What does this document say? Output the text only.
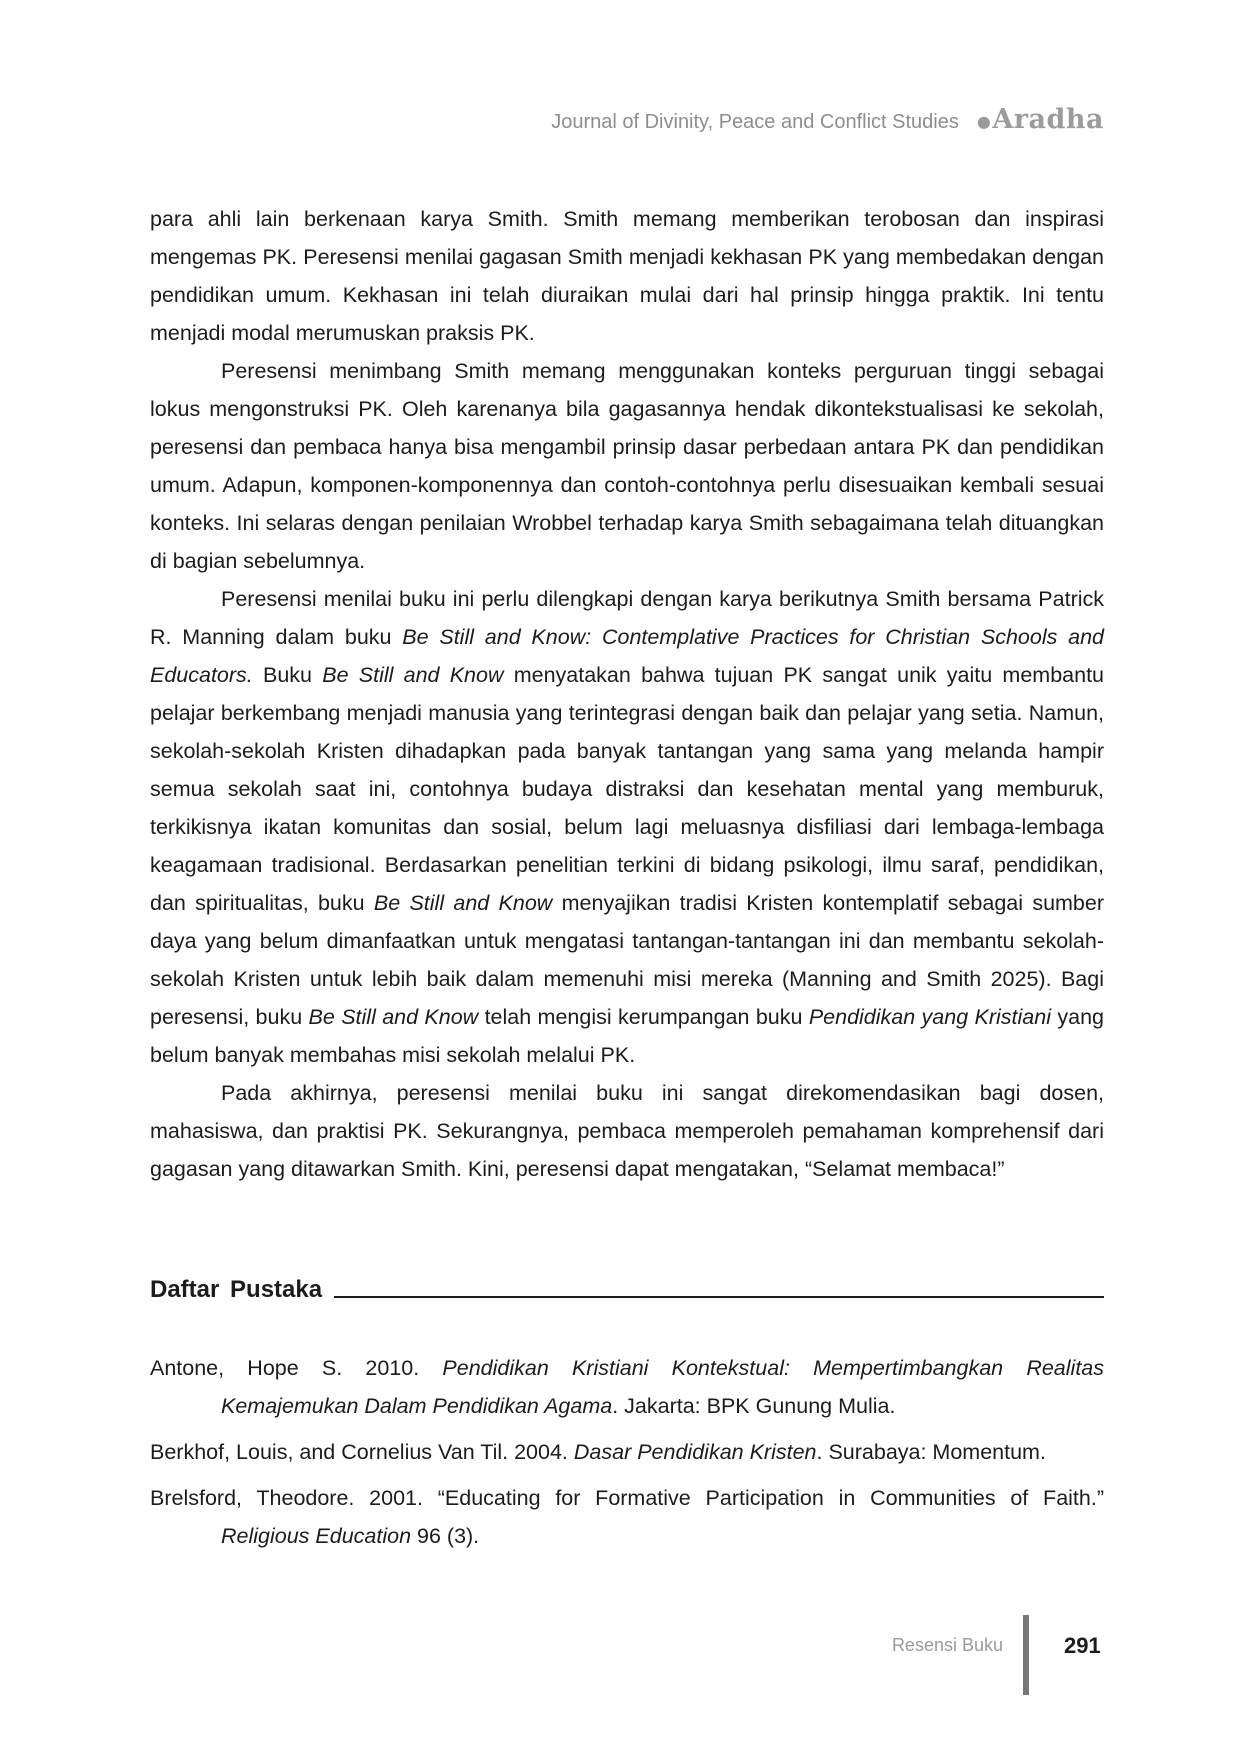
Journal of Divinity, Peace and Conflict Studies ●Aradha

para ahli lain berkenaan karya Smith. Smith memang memberikan terobosan dan inspirasi mengemas PK. Peresensi menilai gagasan Smith menjadi kekhasan PK yang membedakan dengan pendidikan umum. Kekhasan ini telah diuraikan mulai dari hal prinsip hingga praktik. Ini tentu menjadi modal merumuskan praksis PK.

Peresensi menimbang Smith memang menggunakan konteks perguruan tinggi sebagai lokus mengonstruksi PK. Oleh karenanya bila gagasannya hendak dikontekstualisasi ke sekolah, peresensi dan pembaca hanya bisa mengambil prinsip dasar perbedaan antara PK dan pendidikan umum. Adapun, komponen-komponennya dan contoh-contohnya perlu disesuaikan kembali sesuai konteks. Ini selaras dengan penilaian Wrobbel terhadap karya Smith sebagaimana telah dituangkan di bagian sebelumnya.

Peresensi menilai buku ini perlu dilengkapi dengan karya berikutnya Smith bersama Patrick R. Manning dalam buku Be Still and Know: Contemplative Practices for Christian Schools and Educators. Buku Be Still and Know menyatakan bahwa tujuan PK sangat unik yaitu membantu pelajar berkembang menjadi manusia yang terintegrasi dengan baik dan pelajar yang setia. Namun, sekolah-sekolah Kristen dihadapkan pada banyak tantangan yang sama yang melanda hampir semua sekolah saat ini, contohnya budaya distraksi dan kesehatan mental yang memburuk, terkikisnya ikatan komunitas dan sosial, belum lagi meluasnya disfiliasi dari lembaga-lembaga keagamaan tradisional. Berdasarkan penelitian terkini di bidang psikologi, ilmu saraf, pendidikan, dan spiritualitas, buku Be Still and Know menyajikan tradisi Kristen kontemplatif sebagai sumber daya yang belum dimanfaatkan untuk mengatasi tantangan-tantangan ini dan membantu sekolah-sekolah Kristen untuk lebih baik dalam memenuhi misi mereka (Manning and Smith 2025). Bagi peresensi, buku Be Still and Know telah mengisi kerumpangan buku Pendidikan yang Kristiani yang belum banyak membahas misi sekolah melalui PK.

Pada akhirnya, peresensi menilai buku ini sangat direkomendasikan bagi dosen, mahasiswa, dan praktisi PK. Sekurangnya, pembaca memperoleh pemahaman komprehensif dari gagasan yang ditawarkan Smith. Kini, peresensi dapat mengatakan, “Selamat membaca!”

Daftar Pustaka

Antone, Hope S. 2010. Pendidikan Kristiani Kontekstual: Mempertimbangkan Realitas Kemajemukan Dalam Pendidikan Agama. Jakarta: BPK Gunung Mulia.

Berkhof, Louis, and Cornelius Van Til. 2004. Dasar Pendidikan Kristen. Surabaya: Momentum.

Brelsford, Theodore. 2001. “Educating for Formative Participation in Communities of Faith.” Religious Education 96 (3).

Resensi Buku	291
